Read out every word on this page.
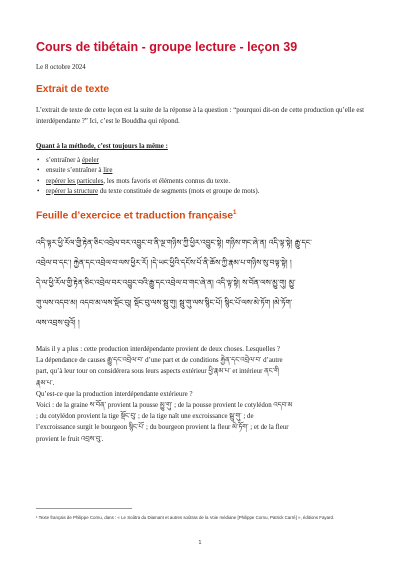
Cours de tibétain - groupe lecture - leçon 39
Le 8 octobre 2024
Extrait de texte
L’extrait de texte de cette leçon est la suite de la réponse à la question : “pourquoi dit-on de cette production qu’elle est interdépendante ?” Ici, c’est le Bouddha qui répond.
Quant à la méthode, c’est toujours la même :
• s’entraîner à épeler
• ensuite s’entraîner à lire
• repérer les particules, les mots favoris et éléments connus du texte.
• repérer la structure du texte constituée de segments (mots et groupe de mots).
Feuille d’exercice et traduction française$^1$
འདི་ལྟར་ཕྱི་རོལ་གྱི་རྟེན་ཅིང་འབྲེལ་བར་འབྱུང་བ་ནི་ལྔ་གཉིས་ཀྱི་ཕྱིར་འབྱུང་སྟེ། གཉིས་གང་ཞེ་ན། འདི་ལྟ་སྟེ། རྒྱུ་དང་
འབྲེལ་བ་དང་། རྐྱེན་དང་འབྲེལ་བ་ལས་ཕྱིར་རོ། །དེ་ཡང་ཕྱིའི་དངོས་པོ་ནི་ཆོས་ཀྱི་རྣམ་པ་གཉིས་སུ་བལྟ་སྟེ། །
དེ་ལ་ཕྱི་རོལ་གྱི་རྟེན་ཅིང་འབྲེལ་བར་འབྱུང་བའི་རྒྱུ་དང་འབྲེལ་བ་གང་ཞེ་ན། འདི་ལྟ་སྟེ། ས་བོན་ལས་མྱུ་གུ། མྱུ་
གུ་ལས་འདབ་མ། འདབ་མ་ལས་སྡོང་བུ། སྡོང་བུ་ལས་སྦུ་གུ། སྦུ་གུ་ལས་སྙིང་པོ། སྙིང་པོ་ལས་མེ་ཏོག །མེ་ཏོག་
ལས་འབྲས་བུའོ། །
Mais il y a plus : cette production interdépendante provient de deux choses. Lesquelles ?
La dépendance de causes རྒྱུ་དང་འབྲེལ་བ་ d’une part et de conditions རྐྱེན་དང་འབྲེལ་བ་ d’autre
part, qu’à leur tour on considérera sous leurs aspects extérieur ཕྱི་རྣམ་པ་ et intérieur ནང་གི
རྣམ་པ་.
Qu’est-ce que la production interdépendante extérieure ?
Voici : de la graine ས་བོན་ provient la pousse མྱུ་གུ་ ; de la pousse provient le cotylédon འདབ་མ
; du cotylédon provient la tige སྡོང་བུ་ ; de la tige naît une excroissance སྦུ་གུ་ ; de
l’excroissance surgit le bourgeon སྙིང་པོ་ ; du bourgeon provient la fleur མེ་ཏོག་ ; et de la fleur
provient le fruit འབྲས་བུ་.
¹ Texte français de Philippe Cornu, dans : « Le Soûtra du Diamant et autres soûtras de la Voie médiane [Philippe Cornu, Patrick Carré] », éditions Fayard.
1
